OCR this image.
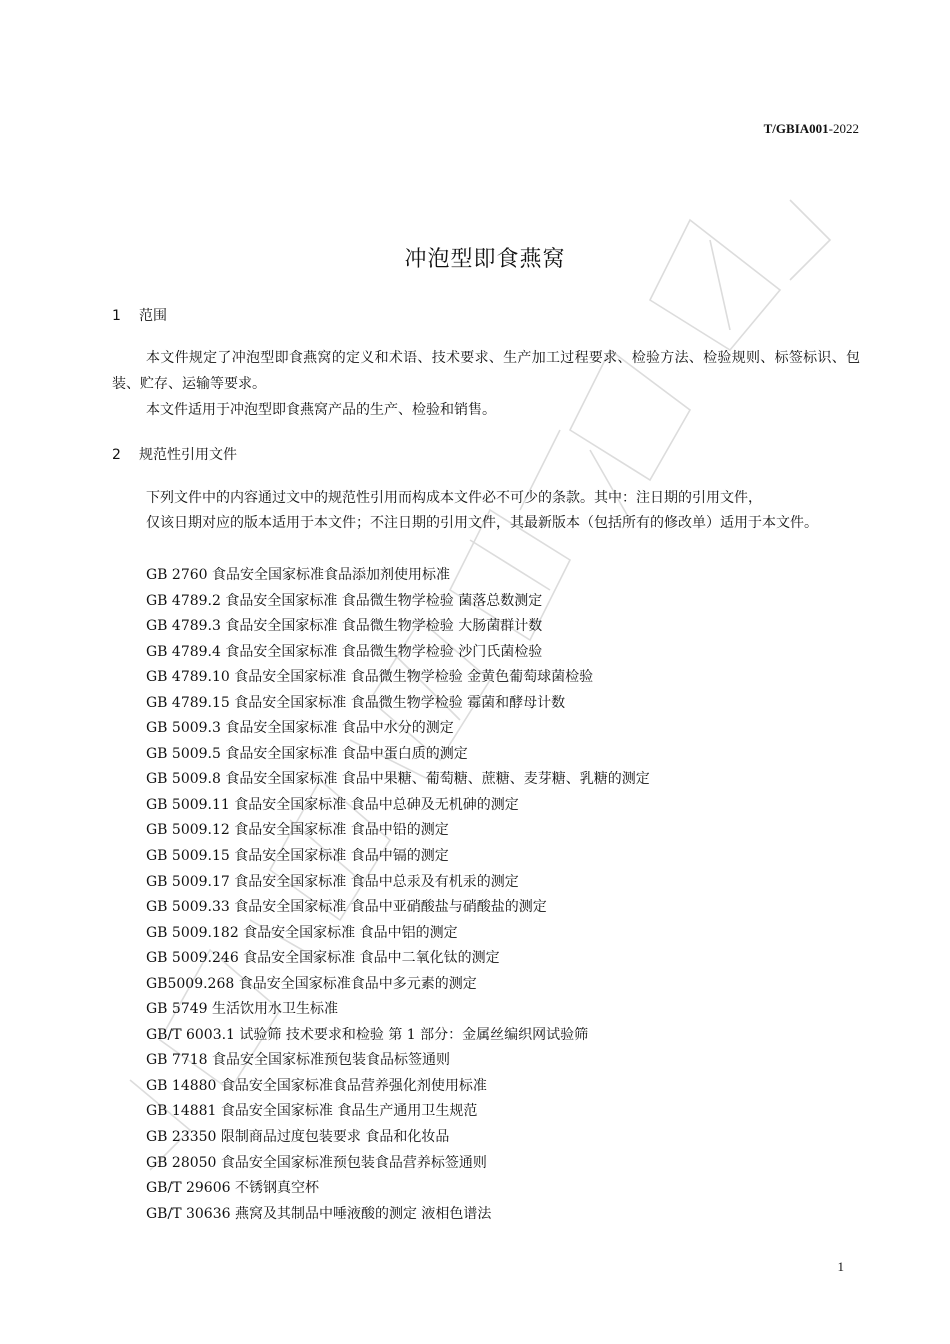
T/GBIA001-2022
冲泡型即食燕窝
1 范围

本文件规定了冲泡型即食燕窝的定义和术语、技术要求、生产加工过程要求、检验方法、检验规则、标签标识、包装、贮存、运输等要求。

本文件适用于冲泡型即食燕窝产品的生产、检验和销售。

2 规范性引用文件

下列文件中的内容通过文中的规范性引用而构成本文件必不可少的条款。其中：注日期的引用文件，

仅该日期对应的版本适用于本文件；不注日期的引用文件，其最新版本（包括所有的修改单）适用于本文件。

GB 2760 食品安全国家标准食品添加剂使用标准
GB 4789.2 食品安全国家标准 食品微生物学检验 菌落总数测定
GB 4789.3 食品安全国家标准 食品微生物学检验 大肠菌群计数
GB 4789.4 食品安全国家标准 食品微生物学检验 沙门氏菌检验
GB 4789.10 食品安全国家标准 食品微生物学检验 金黄色葡萄球菌检验
GB 4789.15 食品安全国家标准 食品微生物学检验 霉菌和酵母计数
GB 5009.3 食品安全国家标准 食品中水分的测定
GB 5009.5 食品安全国家标准 食品中蛋白质的测定
GB 5009.8 食品安全国家标准 食品中果糖、葡萄糖、蔗糖、麦芽糖、乳糖的测定
GB 5009.11 食品安全国家标准 食品中总砷及无机砷的测定
GB 5009.12 食品安全国家标准 食品中铅的测定
GB 5009.15 食品安全国家标准 食品中镉的测定
GB 5009.17 食品安全国家标准 食品中总汞及有机汞的测定
GB 5009.33 食品安全国家标准 食品中亚硝酸盐与硝酸盐的测定
GB 5009.182 食品安全国家标准 食品中铝的测定
GB 5009.246 食品安全国家标准 食品中二氧化钛的测定
GB5009.268 食品安全国家标准食品中多元素的测定
GB 5749 生活饮用水卫生标准
GB/T 6003.1 试验筛 技术要求和检验 第 1 部分：金属丝编织网试验筛
GB 7718 食品安全国家标准预包装食品标签通则
GB 14880 食品安全国家标准食品营养强化剂使用标准
GB 14881 食品安全国家标准 食品生产通用卫生规范
GB 23350 限制商品过度包装要求 食品和化妆品
GB 28050 食品安全国家标准预包装食品营养标签通则
GB/T 29606 不锈钢真空杯
GB/T 30636 燕窝及其制品中唾液酸的测定 液相色谱法
1
